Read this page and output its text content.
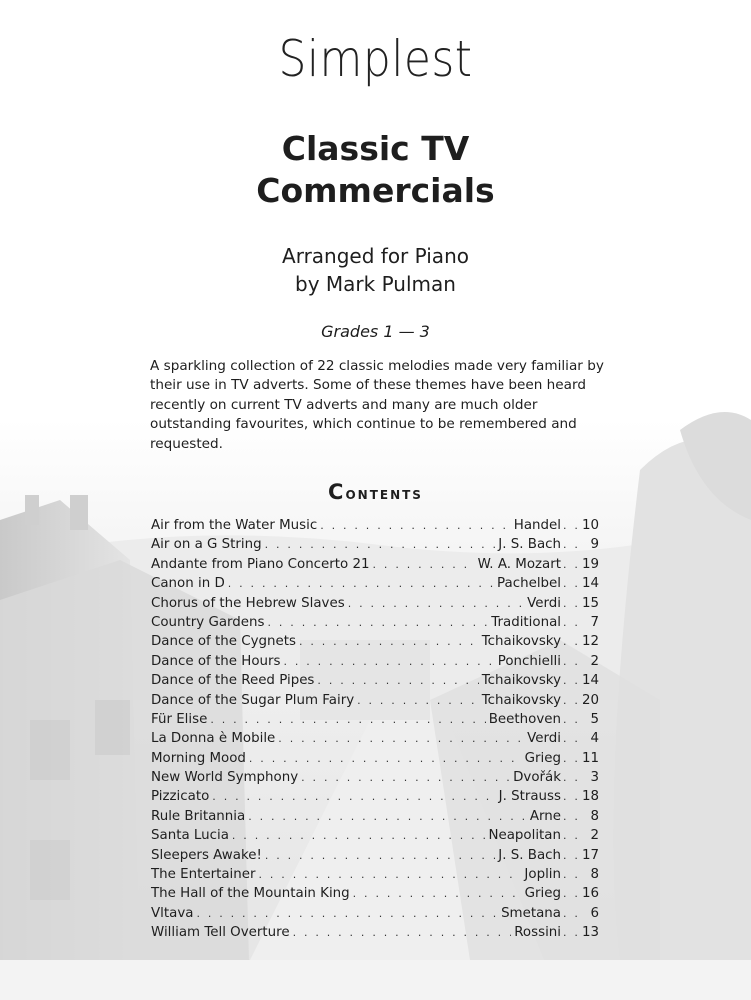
Simplest
Classic TV
Commercials
Arranged for Piano
by Mark Pulman
Grades 1 — 3
A sparkling collection of 22 classic melodies made very familiar by their use in TV adverts. Some of these themes have been heard recently on current TV adverts and many are much older outstanding favourites, which continue to be remembered and requested.
Contents
Air from the Water Music . . .	Handel . . . 10
Air on a G String . . .	J. S. Bach . . .	9
Andante from Piano Concerto 21 . . .	W. A. Mozart . . . 19
Canon in D . . .	Pachelbel . . . 14
Chorus of the Hebrew Slaves . . .	Verdi . . . 15
Country Gardens . . .	Traditional . . .	7
Dance of the Cygnets . . .	Tchaikovsky . . . 12
Dance of the Hours . . .	Ponchielli . . .	2
Dance of the Reed Pipes . . .	Tchaikovsky . . . 14
Dance of the Sugar Plum Fairy . . .	Tchaikovsky . . . 20
Für Elise . . .	Beethoven . . .	5
La Donna è Mobile . . .	Verdi . . .	4
Morning Mood . . .	Grieg . . . 11
New World Symphony . . .	Dvořák . . .	3
Pizzicato . . .	J. Strauss . . . 18
Rule Britannia . . .	Arne . . .	8
Santa Lucia . . .	Neapolitan . . .	2
Sleepers Awake! . . .	J. S. Bach . . . 17
The Entertainer . . .	Joplin . . .	8
The Hall of the Mountain King . . .	Grieg . . . 16
Vltava . . .	Smetana . . .	6
William Tell Overture . . .	Rossini . . . 13
